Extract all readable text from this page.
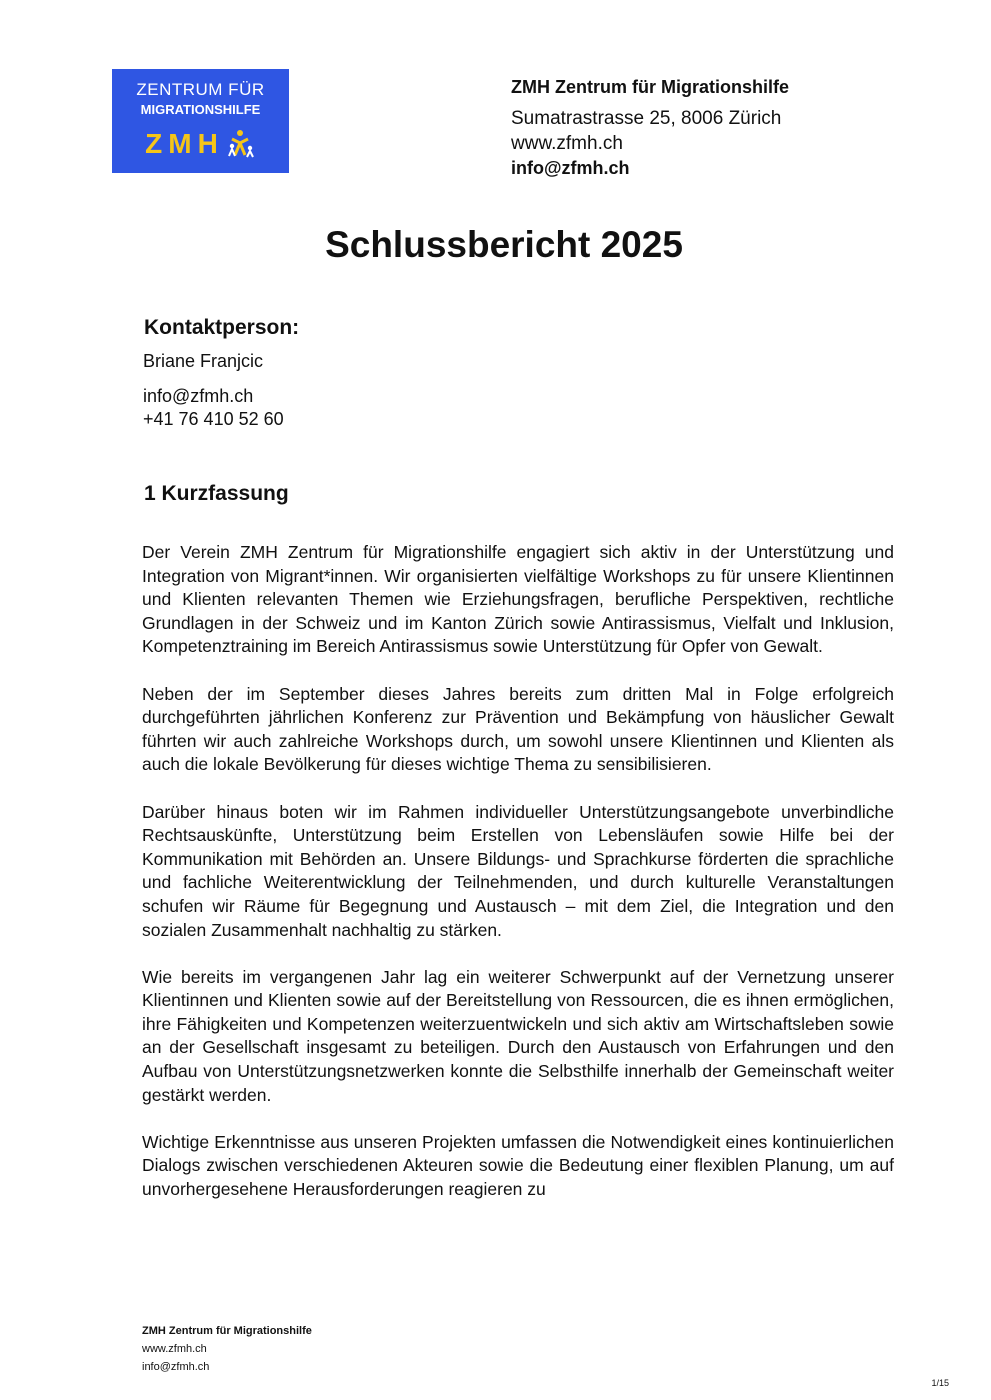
ZENTRUM FÜR
MIGRATIONSHILFE
ZMH
ZMH Zentrum für Migrationshilfe
Sumatrastrasse 25, 8006 Zürich
www.zfmh.ch
info@zfmh.ch
Schlussbericht 2025
Kontaktperson:
Briane Franjcic
info@zfmh.ch
+41 76 410 52 60
1 Kurzfassung

Der Verein ZMH Zentrum für Migrationshilfe engagiert sich aktiv in der Unterstützung und Integration von Migrant*innen. Wir organisierten vielfältige Workshops zu für unsere Klientinnen und Klienten relevanten Themen wie Erziehungsfragen, berufliche Perspektiven, rechtliche Grundlagen in der Schweiz und im Kanton Zürich sowie Antirassismus, Vielfalt und Inklusion, Kompetenztraining im Bereich Antirassismus sowie Unterstützung für Opfer von Gewalt.

Neben der im September dieses Jahres bereits zum dritten Mal in Folge erfolgreich durchgeführten jährlichen Konferenz zur Prävention und Bekämpfung von häuslicher Gewalt führten wir auch zahlreiche Workshops durch, um sowohl unsere Klientinnen und Klienten als auch die lokale Bevölkerung für dieses wichtige Thema zu sensibilisieren.

Darüber hinaus boten wir im Rahmen individueller Unterstützungsangebote unverbindliche Rechtsauskünfte, Unterstützung beim Erstellen von Lebensläufen sowie Hilfe bei der Kommunikation mit Behörden an. Unsere Bildungs- und Sprachkurse förderten die sprachliche und fachliche Weiterentwicklung der Teilnehmenden, und durch kulturelle Veranstaltungen schufen wir Räume für Begegnung und Austausch – mit dem Ziel, die Integration und den sozialen Zusammenhalt nachhaltig zu stärken.

Wie bereits im vergangenen Jahr lag ein weiterer Schwerpunkt auf der Vernetzung unserer Klientinnen und Klienten sowie auf der Bereitstellung von Ressourcen, die es ihnen ermöglichen, ihre Fähigkeiten und Kompetenzen weiterzuentwickeln und sich aktiv am Wirtschaftsleben sowie an der Gesellschaft insgesamt zu beteiligen. Durch den Austausch von Erfahrungen und den Aufbau von Unterstützungsnetzwerken konnte die Selbsthilfe innerhalb der Gemeinschaft weiter gestärkt werden.

Wichtige Erkenntnisse aus unseren Projekten umfassen die Notwendigkeit eines kontinuierlichen Dialogs zwischen verschiedenen Akteuren sowie die Bedeutung einer flexiblen Planung, um auf unvorhergesehene Herausforderungen reagieren zu

ZMH Zentrum für Migrationshilfe
www.zfmh.ch
info@zfmh.ch
1/15
